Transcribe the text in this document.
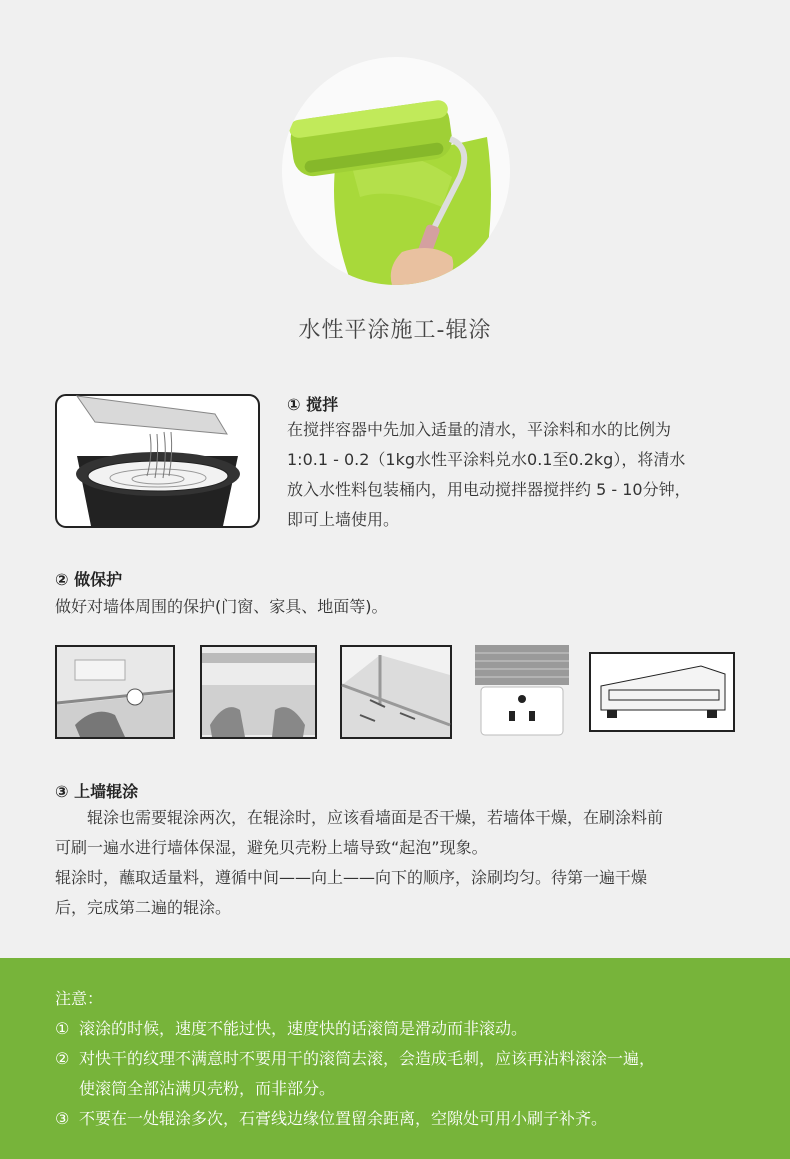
水性平涂施工-辊涂
① 搅拌
在搅拌容器中先加入适量的清水，平涂料和水的比例为
1:0.1 - 0.2（1kg水性平涂料兑水0.1至0.2kg），将清水
放入水性料包装桶内，用电动搅拌器搅拌约 5 - 10分钟，
即可上墙使用。
② 做保护
做好对墙体周围的保护(门窗、家具、地面等)。
③ 上墙辊涂
　　辊涂也需要辊涂两次，在辊涂时，应该看墙面是否干燥，若墙体干燥，在刷涂料前
可刷一遍水进行墙体保湿，避免贝壳粉上墙导致“起泡”现象。
辊涂时，蘸取适量料，遵循中间——向上——向下的顺序，涂刷均匀。待第一遍干燥
后，完成第二遍的辊涂。
注意：
① 滚涂的时候，速度不能过快，速度快的话滚筒是滑动而非滚动。
② 对快干的纹理不满意时不要用干的滚筒去滚，会造成毛刺，应该再沾料滚涂一遍，
使滚筒全部沾满贝壳粉，而非部分。
③ 不要在一处辊涂多次，石膏线边缘位置留余距离，空隙处可用小刷子补齐。
